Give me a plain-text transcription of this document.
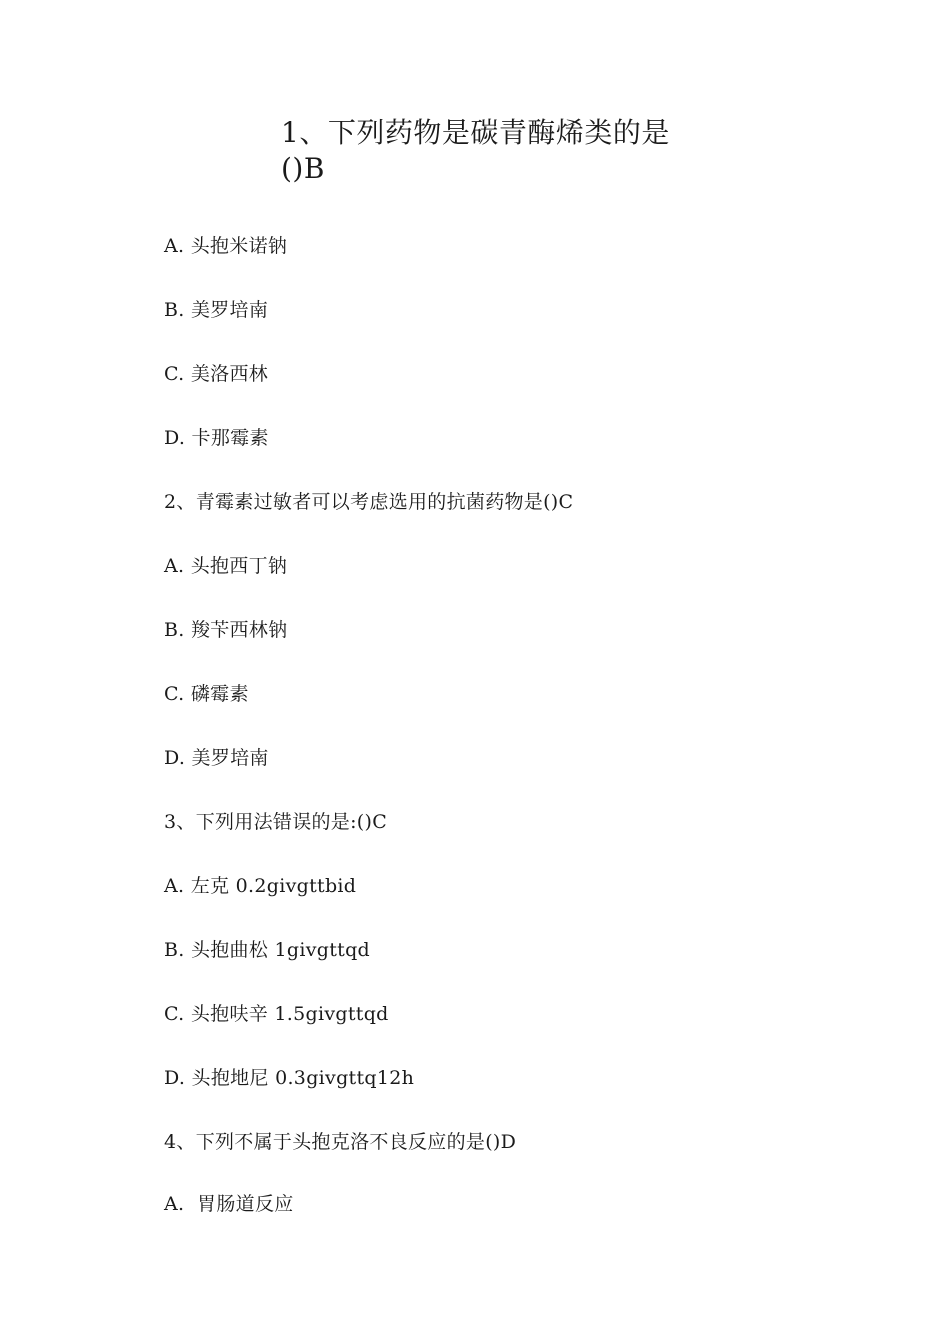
1、下列药物是碳青酶烯类的是()B
A. 头抱米诺钠
B. 美罗培南
C. 美洛西林
D. 卡那霉素
2、青霉素过敏者可以考虑选用的抗菌药物是()C
A. 头抱西丁钠
B. 羧苄西林钠
C. 磷霉素
D. 美罗培南
3、下列用法错误的是:()C
A. 左克 0.2givgttbid
B. 头抱曲松 1givgttqd
C. 头抱呋辛 1.5givgttqd
D. 头抱地尼 0.3givgttq12h
4、下列不属于头抱克洛不良反应的是()D
A.  胃肠道反应
